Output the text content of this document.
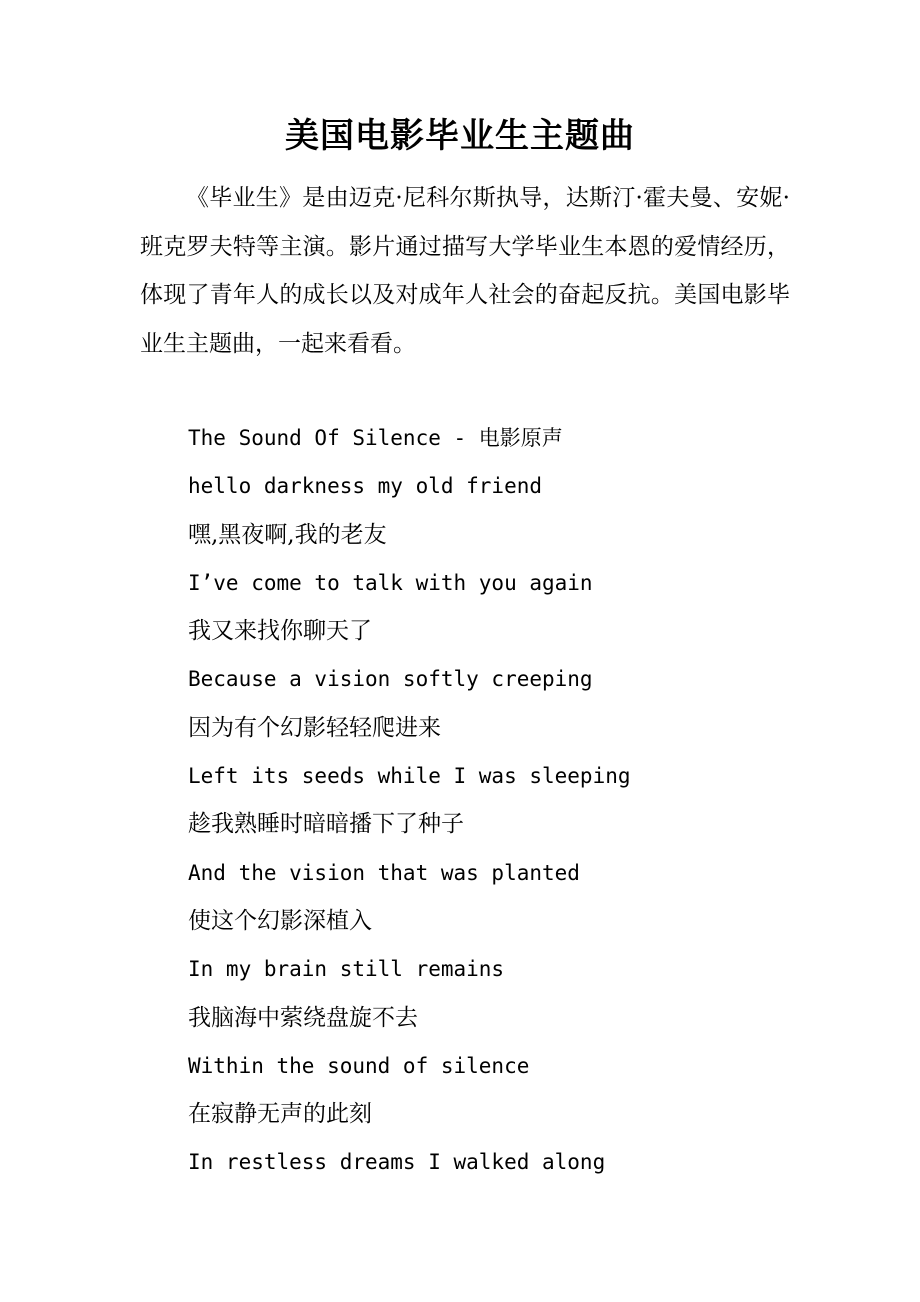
美国电影毕业生主题曲

《毕业生》是由迈克·尼科尔斯执导，达斯汀·霍夫曼、安妮·班克罗夫特等主演。影片通过描写大学毕业生本恩的爱情经历，体现了青年人的成长以及对成年人社会的奋起反抗。美国电影毕业生主题曲，一起来看看。

The Sound Of Silence - 电影原声
hello darkness my old friend
嘿,黑夜啊,我的老友
I’ve come to talk with you again
我又来找你聊天了
Because a vision softly creeping
因为有个幻影轻轻爬进来
Left its seeds while I was sleeping
趁我熟睡时暗暗播下了种子
And the vision that was planted
使这个幻影深植入
In my brain still remains
我脑海中萦绕盘旋不去
Within the sound of silence
在寂静无声的此刻
In restless dreams I walked along
